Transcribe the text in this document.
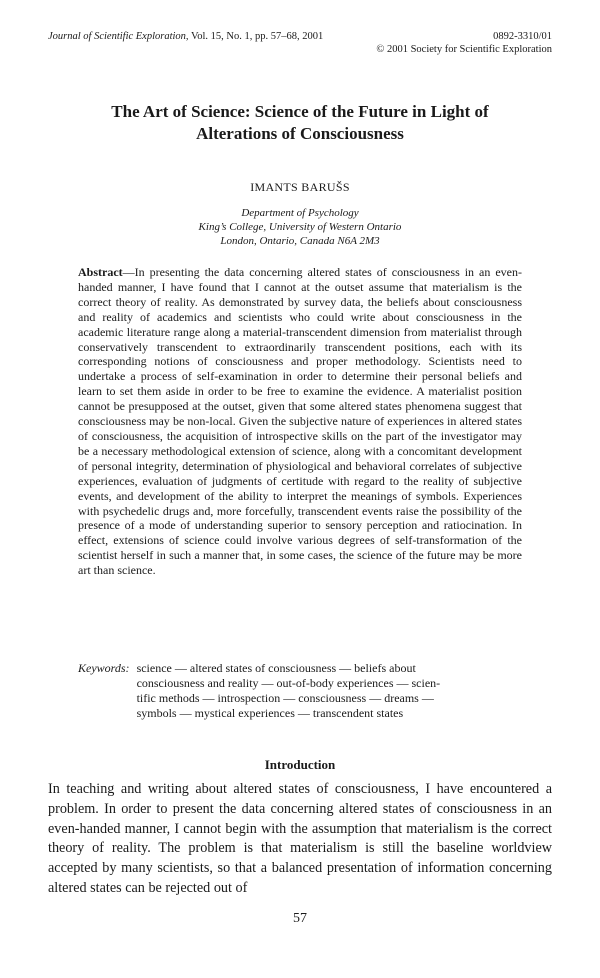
Journal of Scientific Exploration, Vol. 15, No. 1, pp. 57–68, 2001	0892-3310/01
© 2001 Society for Scientific Exploration
The Art of Science: Science of the Future in Light of
Alterations of Consciousness
IMANTS BARUŠS
Department of Psychology
King’s College, University of Western Ontario
London, Ontario, Canada N6A 2M3
Abstract—In presenting the data concerning altered states of consciousness in an even-handed manner, I have found that I cannot at the outset assume that materialism is the correct theory of reality. As demonstrated by survey data, the beliefs about consciousness and reality of academics and scientists who could write about consciousness in the academic literature range along a material-transcendent dimension from materialist through conservatively transcendent to extraordinarily transcendent positions, each with its corresponding notions of consciousness and proper methodology. Scientists need to undertake a process of self-examination in order to determine their personal beliefs and learn to set them aside in order to be free to examine the evidence. A materialist position cannot be presupposed at the outset, given that some altered states phenomena suggest that consciousness may be non-local. Given the subjective nature of experiences in altered states of consciousness, the acquisition of introspective skills on the part of the investigator may be a necessary methodological extension of science, along with a concomitant development of personal integrity, determination of physiological and behavioral correlates of subjective experiences, evaluation of judgments of certitude with regard to the reality of subjective events, and development of the ability to interpret the meanings of symbols. Experiences with psychedelic drugs and, more forcefully, transcendent events raise the possibility of the presence of a mode of understanding superior to sensory perception and ratiocination. In effect, extensions of science could involve various degrees of self-transformation of the scientist herself in such a manner that, in some cases, the science of the future may be more art than science.
Keywords: science — altered states of consciousness — beliefs about
consciousness and reality — out-of-body experiences — scien-
tific methods — introspection — consciousness — dreams —
symbols — mystical experiences — transcendent states
Introduction
In teaching and writing about altered states of consciousness, I have encountered a problem. In order to present the data concerning altered states of consciousness in an even-handed manner, I cannot begin with the assumption that materialism is the correct theory of reality. The problem is that materialism is still the baseline worldview accepted by many scientists, so that a balanced presentation of information concerning altered states can be rejected out of
57
